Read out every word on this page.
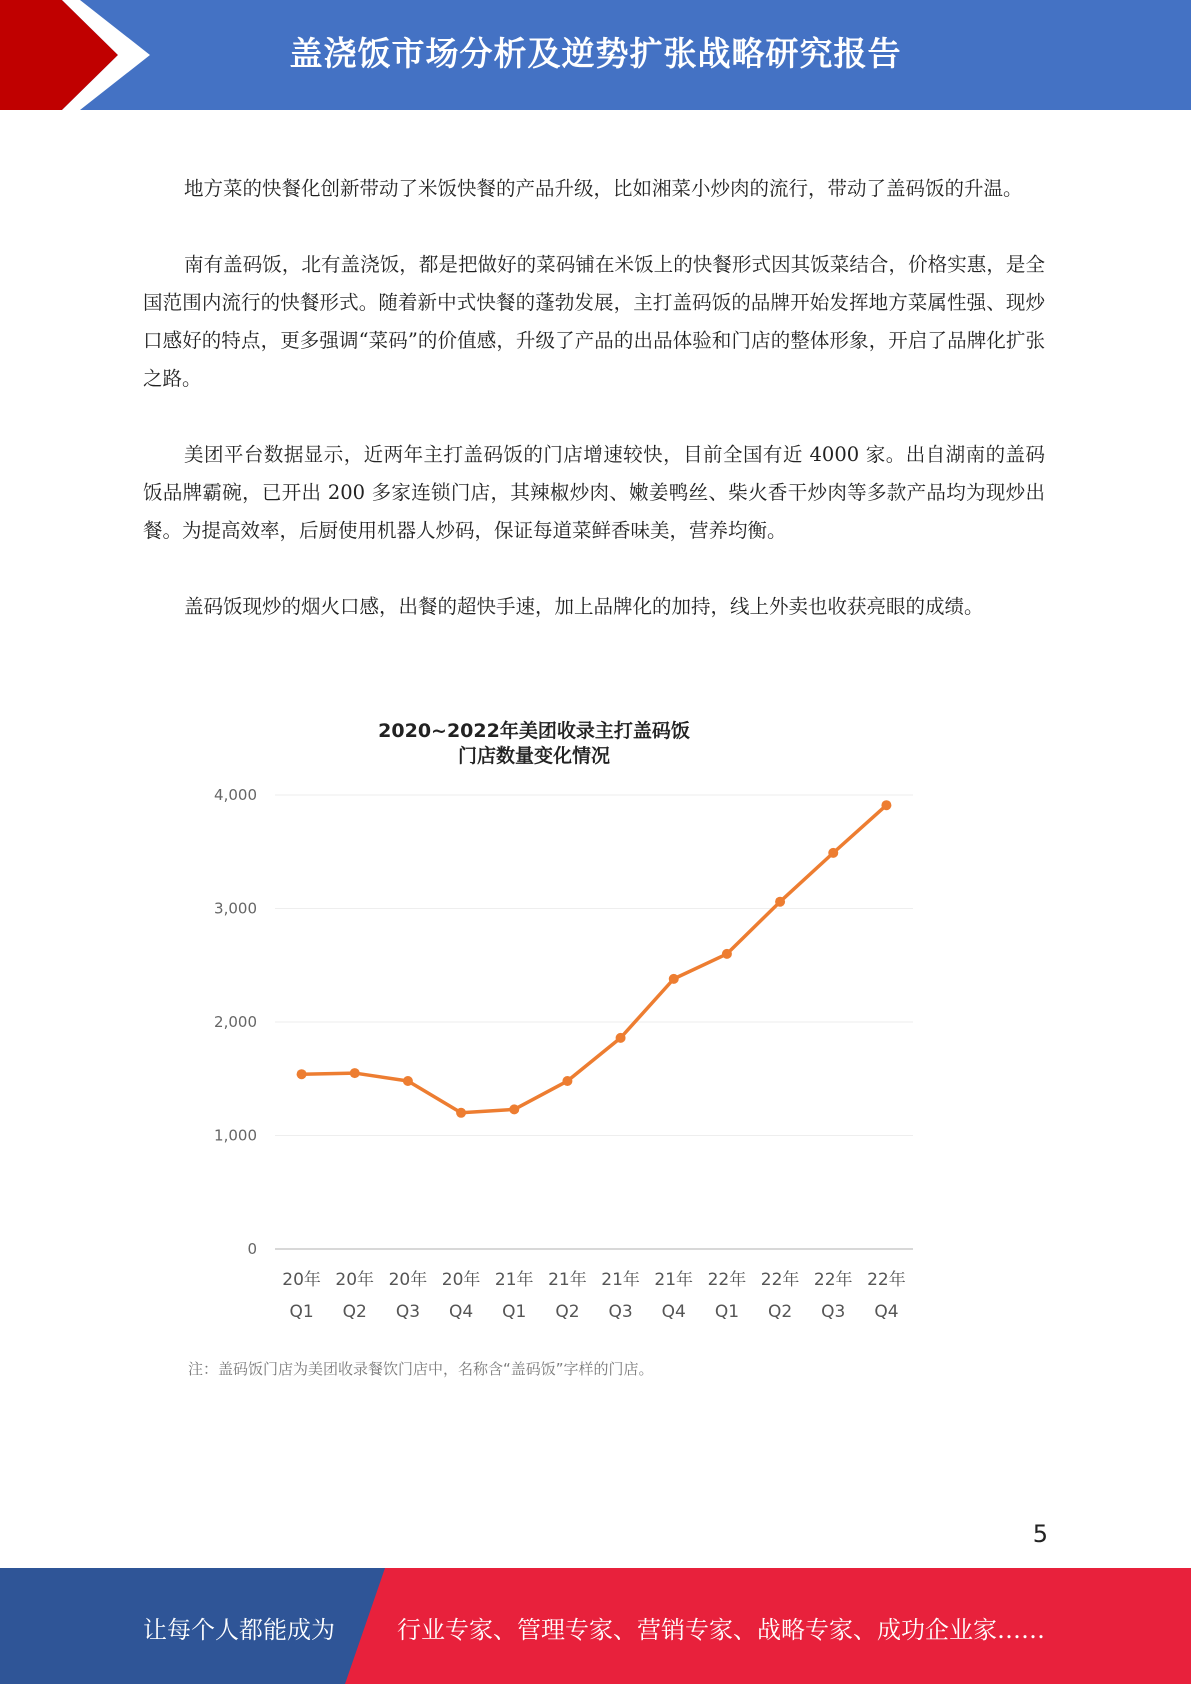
盖浇饭市场分析及逆势扩张战略研究报告

地方菜的快餐化创新带动了米饭快餐的产品升级，比如湘菜小炒肉的流行，带动了盖码饭的升温。

南有盖码饭，北有盖浇饭，都是把做好的菜码铺在米饭上的快餐形式因其饭菜结合，价格实惠，是全国范围内流行的快餐形式。随着新中式快餐的蓬勃发展，主打盖码饭的品牌开始发挥地方菜属性强、现炒口感好的特点，更多强调“菜码”的价值感，升级了产品的出品体验和门店的整体形象，开启了品牌化扩张之路。

美团平台数据显示，近两年主打盖码饭的门店增速较快，目前全国有近 4000 家。出自湖南的盖码饭品牌霸碗，已开出 200 多家连锁门店，其辣椒炒肉、嫩姜鸭丝、柴火香干炒肉等多款产品均为现炒出餐。为提高效率，后厨使用机器人炒码，保证每道菜鲜香味美，营养均衡。

盖码饭现炒的烟火口感，出餐的超快手速，加上品牌化的加持，线上外卖也收获亮眼的成绩。

2020~2022年美团收录主打盖码饭
门店数量变化情况
0
1,000
2,000
3,000
4,000
20年
Q1
20年
Q2
20年
Q3
20年
Q4
21年
Q1
21年
Q2
21年
Q3
21年
Q4
22年
Q1
22年
Q2
22年
Q3
22年
Q4
注：盖码饭门店为美团收录餐饮门店中，名称含“盖码饭”字样的门店。
5
让每个人都能成为	行业专家、管理专家、营销专家、战略专家、成功企业家……
